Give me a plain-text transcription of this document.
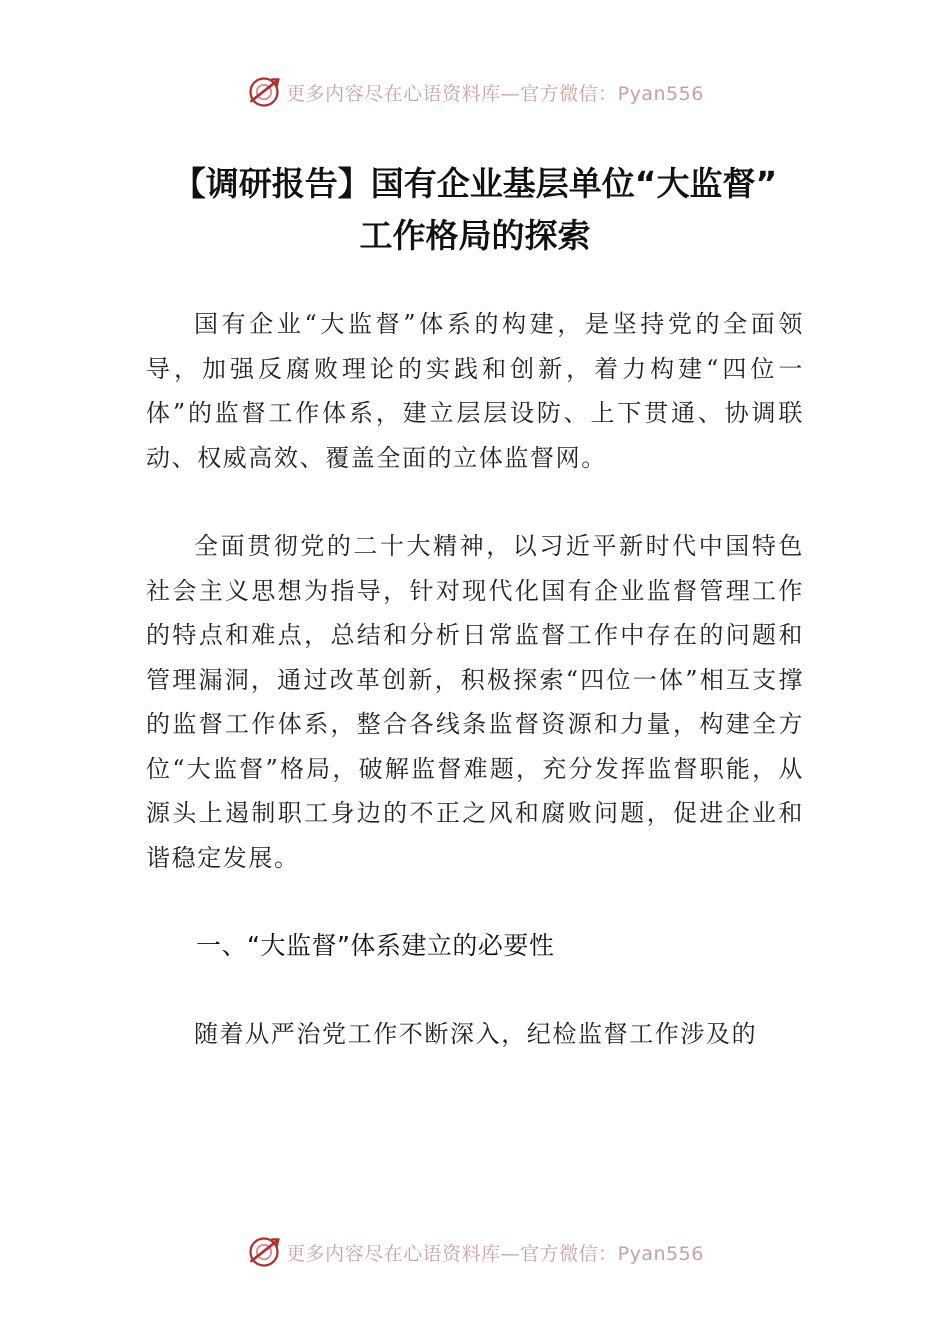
更多内容尽在心语资料库—官方微信：Pyan556
【调研报告】国有企业基层单位“大监督”
工作格局的探索

国有企业“大监督”体系的构建，是坚持党的全面领导，加强反腐败理论的实践和创新，着力构建“四位一体”的监督工作体系，建立层层设防、上下贯通、协调联动、权威高效、覆盖全面的立体监督网。

全面贯彻党的二十大精神，以习近平新时代中国特色社会主义思想为指导，针对现代化国有企业监督管理工作的特点和难点，总结和分析日常监督工作中存在的问题和管理漏洞，通过改革创新，积极探索“四位一体”相互支撑的监督工作体系，整合各线条监督资源和力量，构建全方位“大监督”格局，破解监督难题，充分发挥监督职能，从源头上遏制职工身边的不正之风和腐败问题，促进企业和谐稳定发展。

一、“大监督”体系建立的必要性

随着从严治党工作不断深入，纪检监督工作涉及的

更多内容尽在心语资料库—官方微信：Pyan556
